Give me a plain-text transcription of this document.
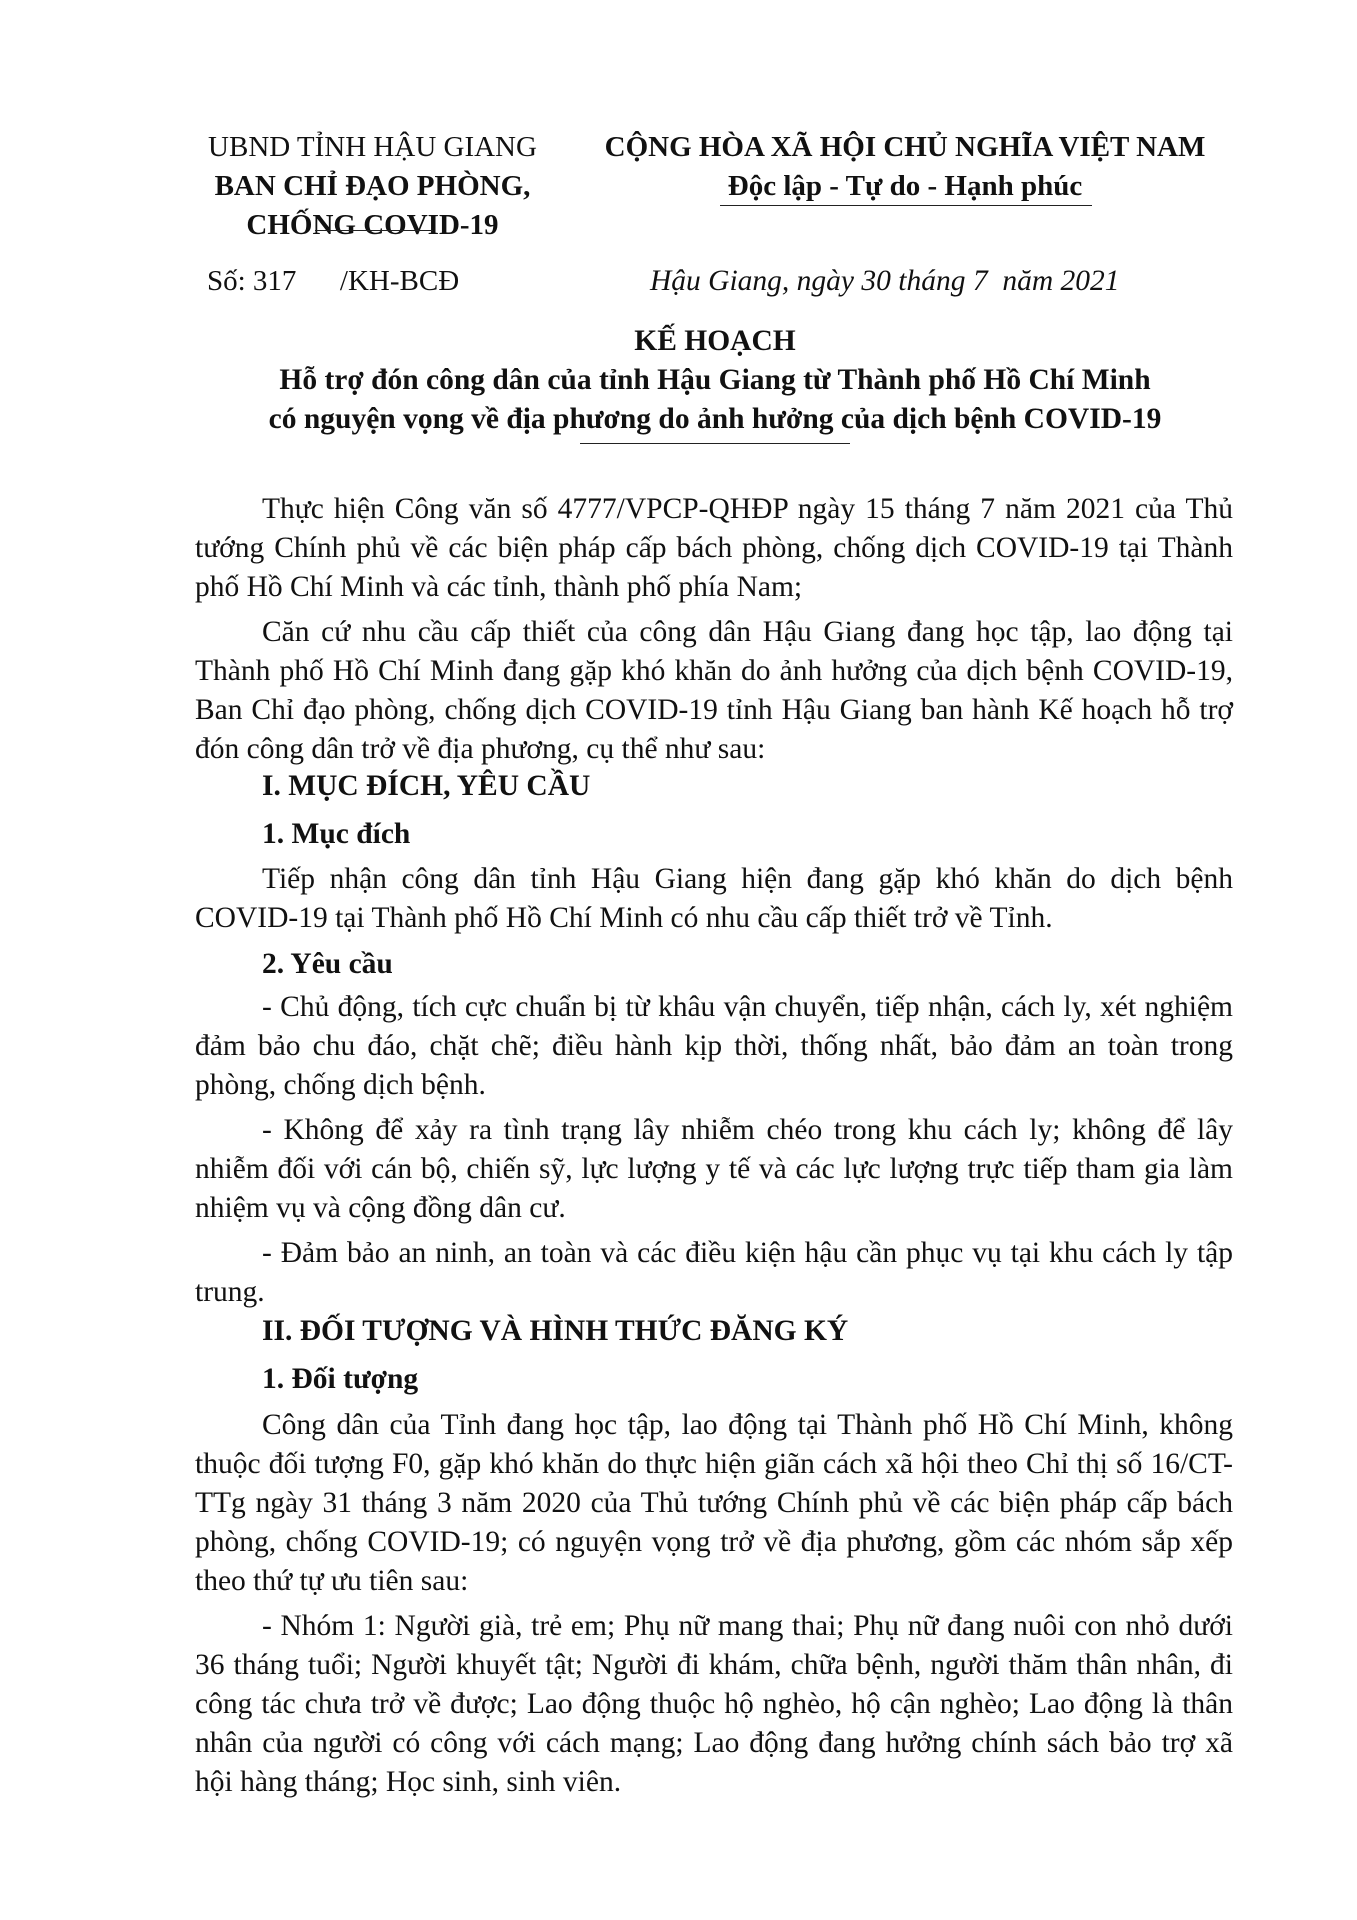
UBND TỈNH HẬU GIANG
BAN CHỈ ĐẠO PHÒNG,
CHỐNG COVID-19
CỘNG HÒA XÃ HỘI CHỦ NGHĨA VIỆT NAM
Độc lập - Tự do - Hạnh phúc
Số: 317      /KH-BCĐ	Hậu Giang, ngày 30 tháng 7  năm 2021
KẾ HOẠCH
Hỗ trợ đón công dân của tỉnh Hậu Giang từ Thành phố Hồ Chí Minh
có nguyện vọng về địa phương do ảnh hưởng của dịch bệnh COVID-19
Thực hiện Công văn số 4777/VPCP-QHĐP ngày 15 tháng 7 năm 2021 của Thủ tướng Chính phủ về các biện pháp cấp bách phòng, chống dịch COVID-19 tại Thành phố Hồ Chí Minh và các tỉnh, thành phố phía Nam;
Căn cứ nhu cầu cấp thiết của công dân Hậu Giang đang học tập, lao động tại Thành phố Hồ Chí Minh đang gặp khó khăn do ảnh hưởng của dịch bệnh COVID-19, Ban Chỉ đạo phòng, chống dịch COVID-19 tỉnh Hậu Giang ban hành Kế hoạch hỗ trợ đón công dân trở về địa phương, cụ thể như sau:
I. MỤC ĐÍCH, YÊU CẦU
1. Mục đích
Tiếp nhận công dân tỉnh Hậu Giang hiện đang gặp khó khăn do dịch bệnh COVID-19 tại Thành phố Hồ Chí Minh có nhu cầu cấp thiết trở về Tỉnh.
2. Yêu cầu
- Chủ động, tích cực chuẩn bị từ khâu vận chuyển, tiếp nhận, cách ly, xét nghiệm đảm bảo chu đáo, chặt chẽ; điều hành kịp thời, thống nhất, bảo đảm an toàn trong phòng, chống dịch bệnh.
- Không để xảy ra tình trạng lây nhiễm chéo trong khu cách ly; không để lây nhiễm đối với cán bộ, chiến sỹ, lực lượng y tế và các lực lượng trực tiếp tham gia làm nhiệm vụ và cộng đồng dân cư.
- Đảm bảo an ninh, an toàn và các điều kiện hậu cần phục vụ tại khu cách ly tập trung.
II. ĐỐI TƯỢNG VÀ HÌNH THỨC ĐĂNG KÝ
1. Đối tượng
Công dân của Tỉnh đang học tập, lao động tại Thành phố Hồ Chí Minh, không thuộc đối tượng F0, gặp khó khăn do thực hiện giãn cách xã hội theo Chỉ thị số 16/CT-TTg ngày 31 tháng 3 năm 2020 của Thủ tướng Chính phủ về các biện pháp cấp bách phòng, chống COVID-19; có nguyện vọng trở về địa phương, gồm các nhóm sắp xếp theo thứ tự ưu tiên sau:
- Nhóm 1: Người già, trẻ em; Phụ nữ mang thai; Phụ nữ đang nuôi con nhỏ dưới 36 tháng tuổi; Người khuyết tật; Người đi khám, chữa bệnh, người thăm thân nhân, đi công tác chưa trở về được; Lao động thuộc hộ nghèo, hộ cận nghèo; Lao động là thân nhân của người có công với cách mạng; Lao động đang hưởng chính sách bảo trợ xã hội hàng tháng; Học sinh, sinh viên.
